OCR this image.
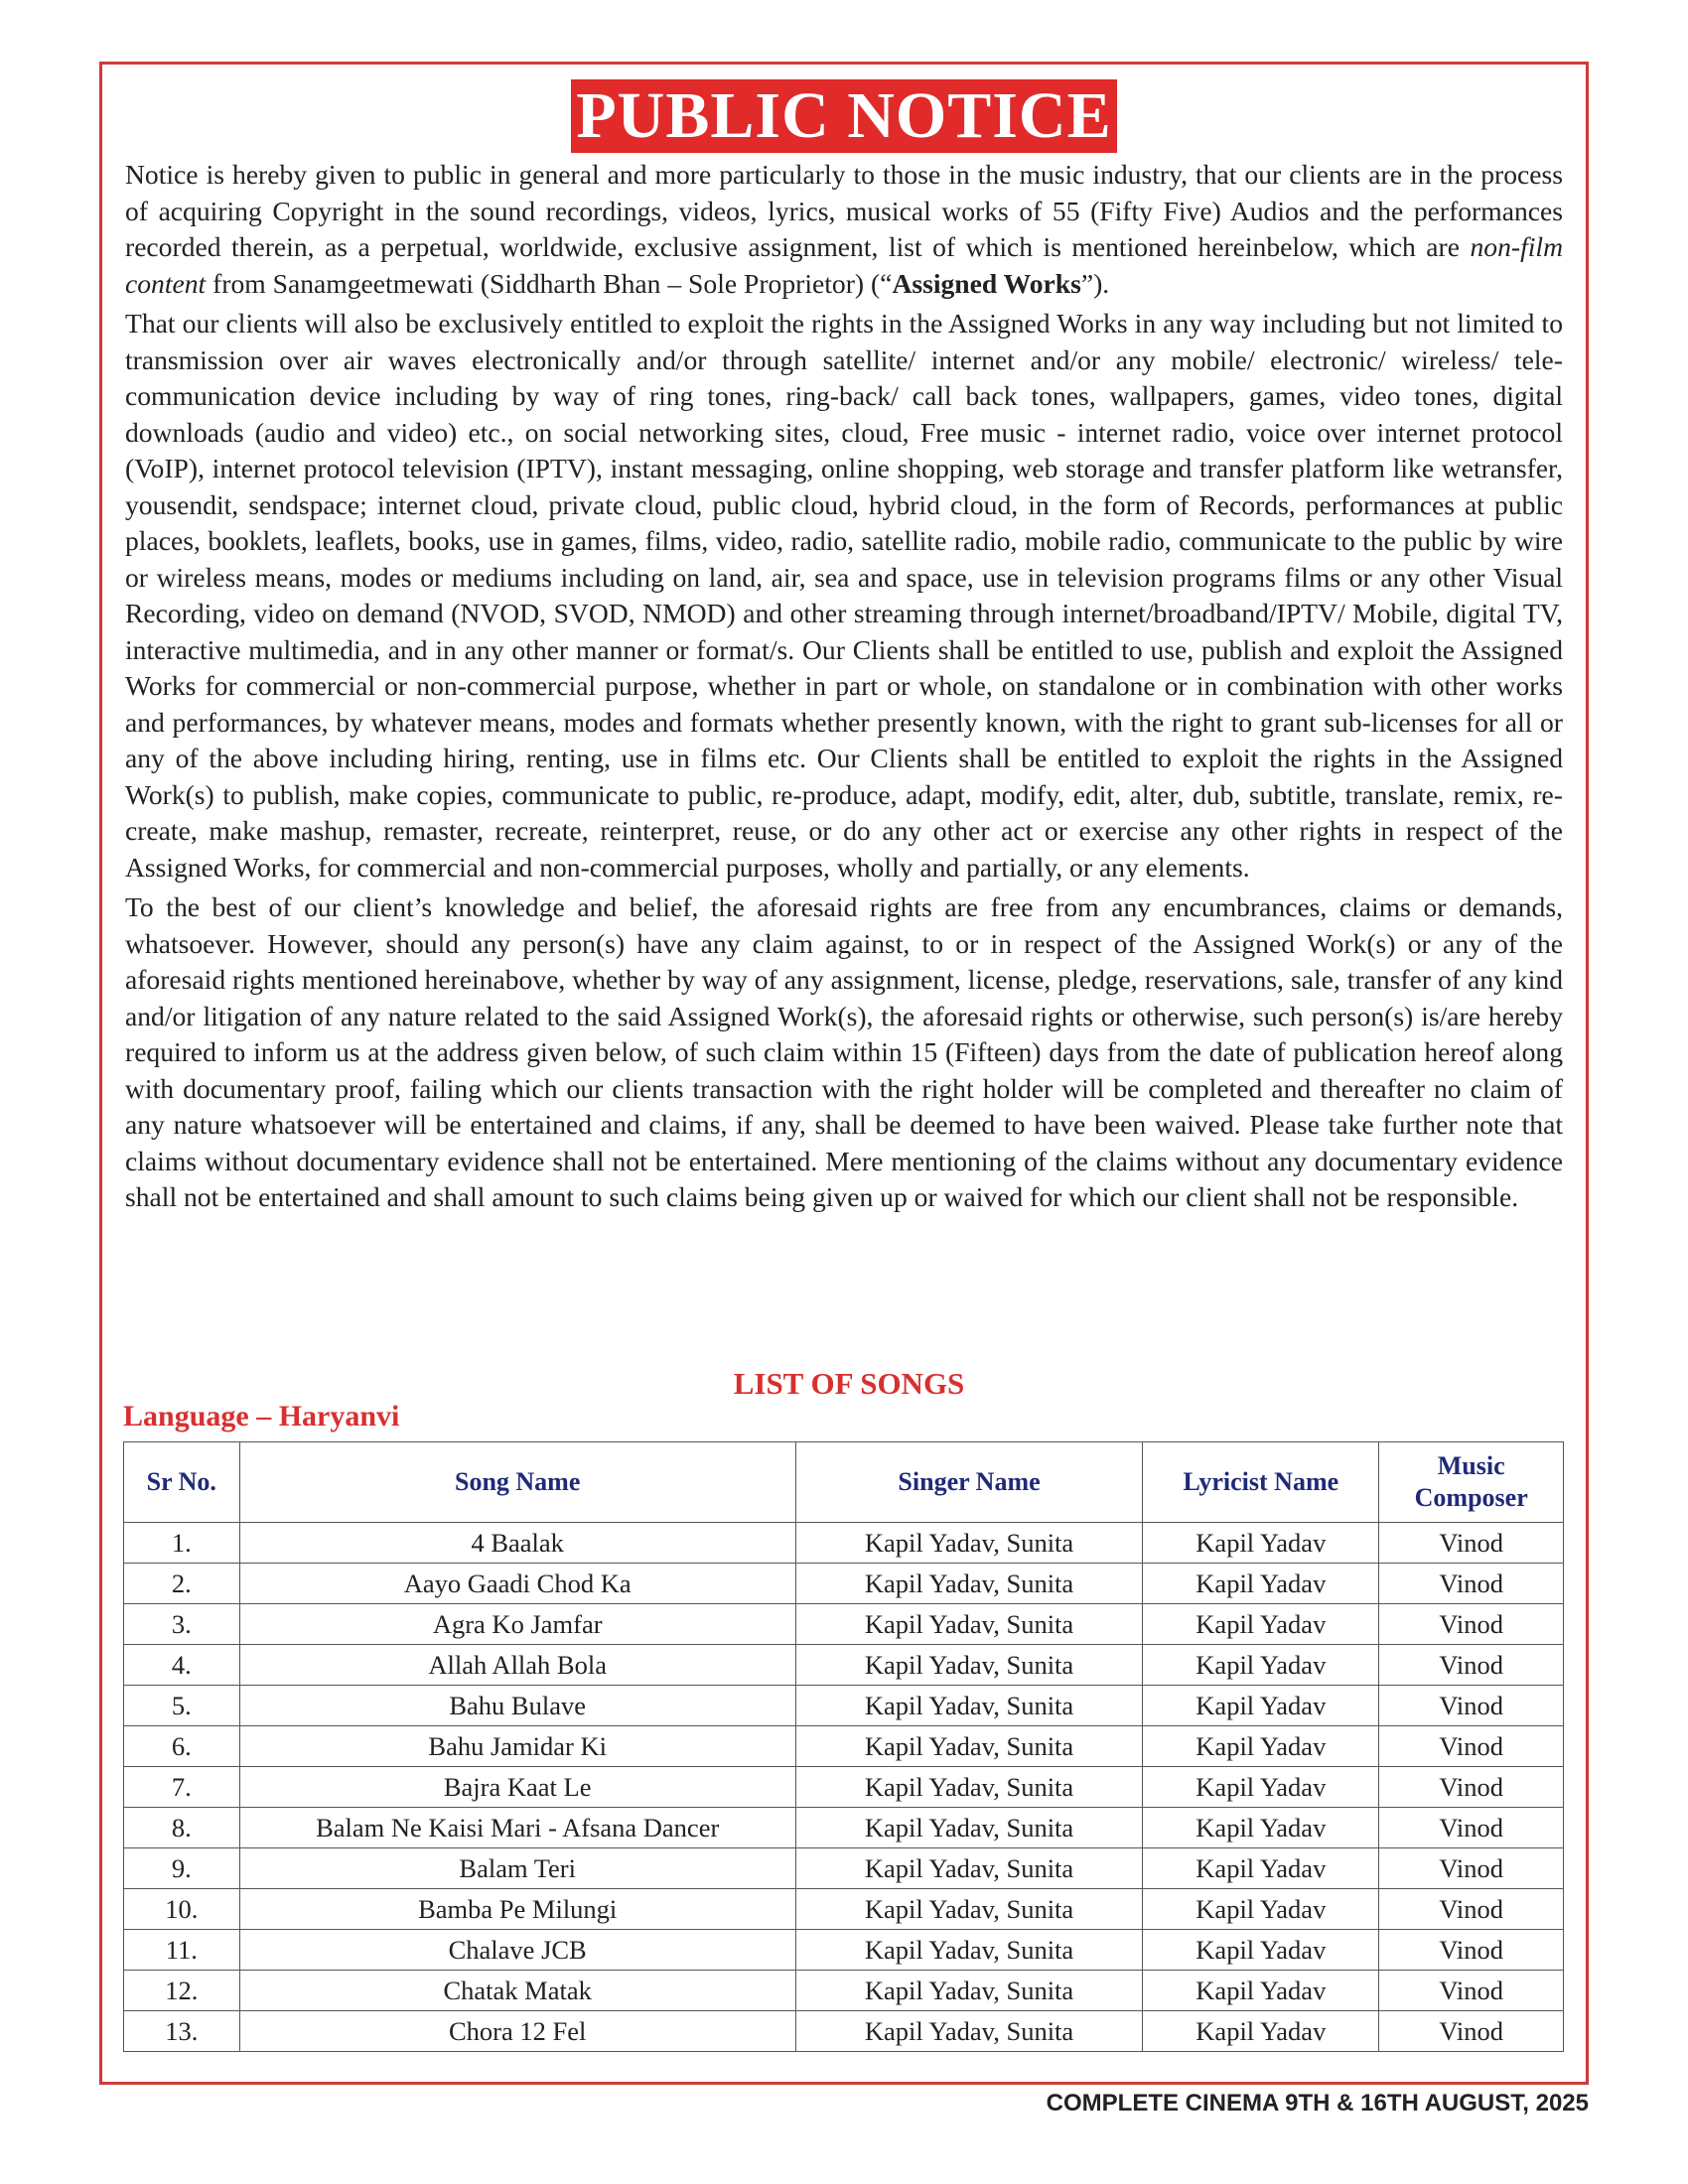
PUBLIC NOTICE

Notice is hereby given to public in general and more particularly to those in the music industry, that our clients are in the process of acquiring Copyright in the sound recordings, videos, lyrics, musical works of 55 (Fifty Five) Audios and the performances recorded therein, as a perpetual, worldwide, exclusive assignment, list of which is mentioned hereinbelow, which are non-film content from Sanamgeetmewati (Siddharth Bhan – Sole Proprietor) (“Assigned Works”).

That our clients will also be exclusively entitled to exploit the rights in the Assigned Works in any way including but not limited to transmission over air waves electronically and/or through satellite/ internet and/or any mobile/ electronic/ wireless/ tele-communication device including by way of ring tones, ring-back/ call back tones, wallpapers, games, video tones, digital downloads (audio and video) etc., on social networking sites, cloud, Free music - internet radio, voice over internet protocol (VoIP), internet protocol television (IPTV), instant messaging, online shopping, web storage and transfer platform like wetransfer, yousendit, sendspace; internet cloud, private cloud, public cloud, hybrid cloud, in the form of Records, performances at public places, booklets, leaflets, books, use in games, films, video, radio, satellite radio, mobile radio, communicate to the public by wire or wireless means, modes or mediums including on land, air, sea and space, use in television programs films or any other Visual Recording, video on demand (NVOD, SVOD, NMOD) and other streaming through internet/broadband/IPTV/ Mobile, digital TV, interactive multimedia, and in any other manner or format/s. Our Clients shall be entitled to use, publish and exploit the Assigned Works for commercial or non-commercial purpose, whether in part or whole, on standalone or in combination with other works and performances, by whatever means, modes and formats whether presently known, with the right to grant sub-licenses for all or any of the above including hiring, renting, use in films etc. Our Clients shall be entitled to exploit the rights in the Assigned Work(s) to publish, make copies, communicate to public, re-produce, adapt, modify, edit, alter, dub, subtitle, translate, remix, re-create, make mashup, remaster, recreate, reinterpret, reuse, or do any other act or exercise any other rights in respect of the Assigned Works, for commercial and non-commercial purposes, wholly and partially, or any elements.

To the best of our client’s knowledge and belief, the aforesaid rights are free from any encumbrances, claims or demands, whatsoever. However, should any person(s) have any claim against, to or in respect of the Assigned Work(s) or any of the aforesaid rights mentioned hereinabove, whether by way of any assignment, license, pledge, reservations, sale, transfer of any kind and/or litigation of any nature related to the said Assigned Work(s), the aforesaid rights or otherwise, such person(s) is/are hereby required to inform us at the address given below, of such claim within 15 (Fifteen) days from the date of publication hereof along with documentary proof, failing which our clients transaction with the right holder will be completed and thereafter no claim of any nature whatsoever will be entertained and claims, if any, shall be deemed to have been waived. Please take further note that claims without documentary evidence shall not be entertained. Mere mentioning of the claims without any documentary evidence shall not be entertained and shall amount to such claims being given up or waived for which our client shall not be responsible.

LIST OF SONGS
Language – Haryanvi
Sr No.	Song Name	Singer Name	Lyricist Name	Music Composer
1.	4 Baalak	Kapil Yadav, Sunita	Kapil Yadav	Vinod
2.	Aayo Gaadi Chod Ka	Kapil Yadav, Sunita	Kapil Yadav	Vinod
3.	Agra Ko Jamfar	Kapil Yadav, Sunita	Kapil Yadav	Vinod
4.	Allah Allah Bola	Kapil Yadav, Sunita	Kapil Yadav	Vinod
5.	Bahu Bulave	Kapil Yadav, Sunita	Kapil Yadav	Vinod
6.	Bahu Jamidar Ki	Kapil Yadav, Sunita	Kapil Yadav	Vinod
7.	Bajra Kaat Le	Kapil Yadav, Sunita	Kapil Yadav	Vinod
8.	Balam Ne Kaisi Mari - Afsana Dancer	Kapil Yadav, Sunita	Kapil Yadav	Vinod
9.	Balam Teri	Kapil Yadav, Sunita	Kapil Yadav	Vinod
10.	Bamba Pe Milungi	Kapil Yadav, Sunita	Kapil Yadav	Vinod
11.	Chalave JCB	Kapil Yadav, Sunita	Kapil Yadav	Vinod
12.	Chatak Matak	Kapil Yadav, Sunita	Kapil Yadav	Vinod
13.	Chora 12 Fel	Kapil Yadav, Sunita	Kapil Yadav	Vinod
COMPLETE CINEMA 9TH & 16TH AUGUST, 2025
